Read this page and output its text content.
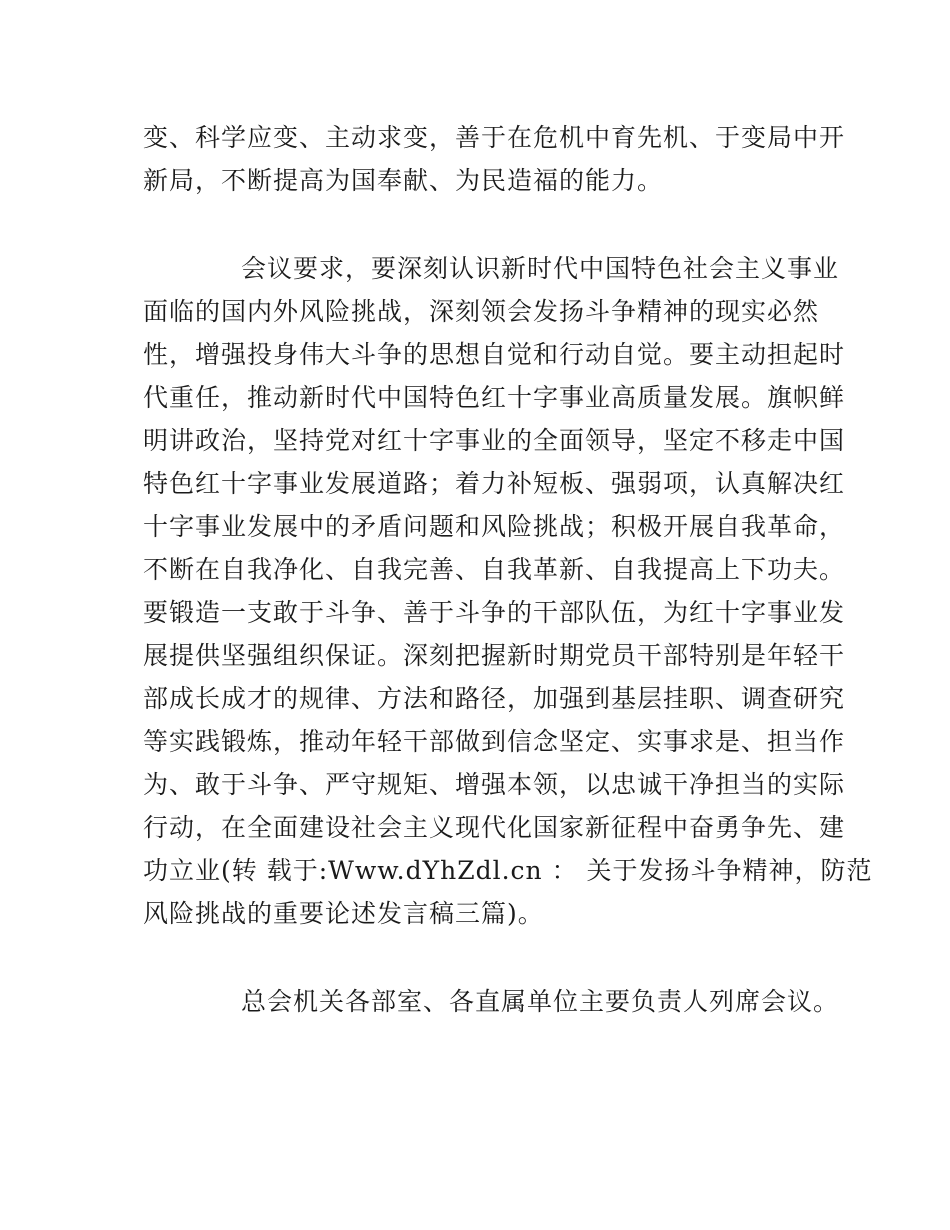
变、科学应变、主动求变，善于在危机中育先机、于变局中开
新局，不断提高为国奉献、为民造福的能力。
会议要求，要深刻认识新时代中国特色社会主义事业
面临的国内外风险挑战，深刻领会发扬斗争精神的现实必然
性，增强投身伟大斗争的思想自觉和行动自觉。要主动担起时
代重任，推动新时代中国特色红十字事业高质量发展。旗帜鲜
明讲政治，坚持党对红十字事业的全面领导，坚定不移走中国
特色红十字事业发展道路；着力补短板、强弱项，认真解决红
十字事业发展中的矛盾问题和风险挑战；积极开展自我革命，
不断在自我净化、自我完善、自我革新、自我提高上下功夫。
要锻造一支敢于斗争、善于斗争的干部队伍，为红十字事业发
展提供坚强组织保证。深刻把握新时期党员干部特别是年轻干
部成长成才的规律、方法和路径，加强到基层挂职、调查研究
等实践锻炼，推动年轻干部做到信念坚定、实事求是、担当作
为、敢于斗争、严守规矩、增强本领，以忠诚干净担当的实际
行动，在全面建设社会主义现代化国家新征程中奋勇争先、建
功立业(转 载于:Www.dYhZdl.cn ： 关于发扬斗争精神，防范
风险挑战的重要论述发言稿三篇)。
总会机关各部室、各直属单位主要负责人列席会议。
